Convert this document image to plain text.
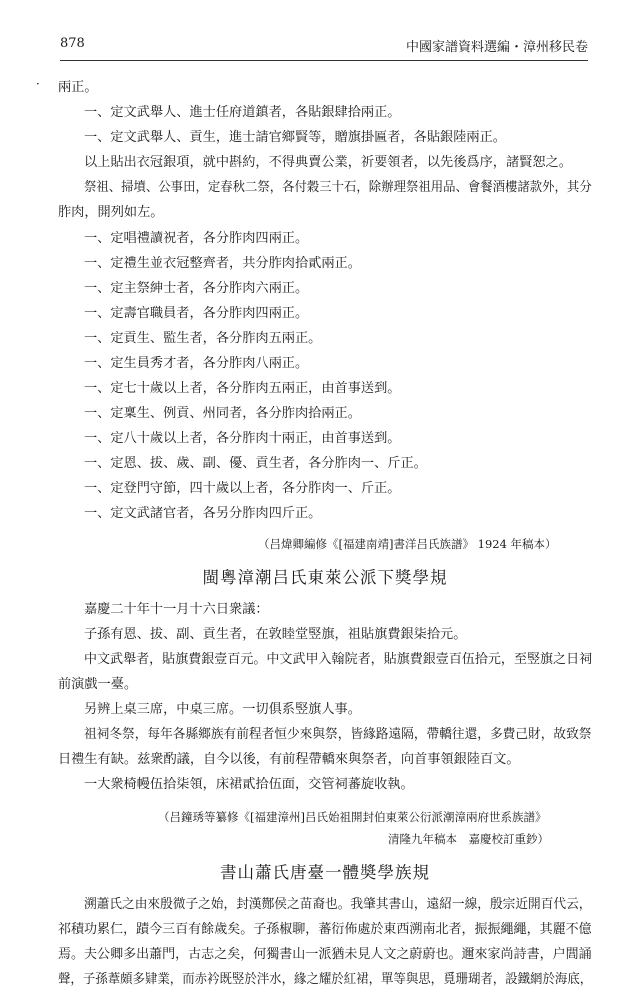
878	中國家譜資料選編・漳州移民卷
· 兩正。
一、定文武舉人、進士任府道鎮者，各貼銀肆拾兩正。
一、定文武舉人、貢生，進士請官鄉賢等，贈旗掛匾者，各貼銀陸兩正。
以上貼出衣冠銀項，就中斟約，不得典賣公業，祈要領者，以先後爲序，諸賢恕之。
祭祖、掃墳、公事田，定春秋二祭，各付穀三十石，除辦理祭祖用品、會餐酒樓諸款外，其分
胙肉，開列如左。
一、定唱禮讀祝者，各分胙肉四兩正。
一、定禮生並衣冠整齊者，共分胙肉拾貳兩正。
一、定主祭紳士者，各分胙肉六兩正。
一、定壽官職員者，各分胙肉四兩正。
一、定貢生、監生者，各分胙肉五兩正。
一、定生員秀才者，各分胙肉八兩正。
一、定七十歲以上者，各分胙肉五兩正，由首事送到。
一、定稟生、例貢、州同者，各分胙肉拾兩正。
一、定八十歲以上者，各分胙肉十兩正，由首事送到。
一、定恩、拔、歲、副、優、貢生者，各分胙肉一、斤正。
一、定登門守節，四十歲以上者，各分胙肉一、斤正。
一、定文武諸官者，各另分胙肉四斤正。
（吕煒卿編修《[福建南靖]書洋吕氏族譜》 1924 年稿本）
閩粵漳潮吕氏東萊公派下獎學規
嘉慶二十年十一月十六日衆議：
子孫有恩、拔、副、貢生者，在敦睦堂竪旗，祖貼旗費銀柒拾元。
中文武舉者，貼旗費銀壹百元。中文武甲入翰院者，貼旗費銀壹百伍拾元，至竪旗之日祠
前演戲一臺。
另辨上桌三席，中桌三席。一切俱系竪旗人事。
祖祠冬祭，每年各縣鄉族有前程者恒少來與祭，皆緣路遠隔，帶轎往還，多費己財，故致祭
日禮生有缺。兹衆酌議，自今以後，有前程帶轎來與祭者，向首事領銀陸百文。
一大衆椅幔伍拾柒領，床裙貳拾伍面，交管祠蕃旋收執。
（吕鐘琇等纂修《[福建漳州]吕氏始祖開封伯東萊公衍派潮漳兩府世系族譜》
清隆九年稿本　嘉慶校訂重鈔）
書山蕭氏唐臺一體奬學族規
溯蕭氏之由來殷微子之始，封漢酂侯之苗裔也。我肇其書山，遠紹一線，殷宗近開百代云，
祁積功累仁，蹟今三百有餘歲矣。子孫椒聊，蕃衍佈處於東西溯南北者，振振繩繩，其麗不億
焉。夫公卿多出蕭門，古志之矣，何獨書山一派猶未見人文之蔚蔚也。邇來家尚詩書，户閭誦
聲，子孫葦頗多肄業，而赤衿既竪於泮水，緣之耀於紅裙，單等與思，覓珊瑚者，設鐵網於海底，
